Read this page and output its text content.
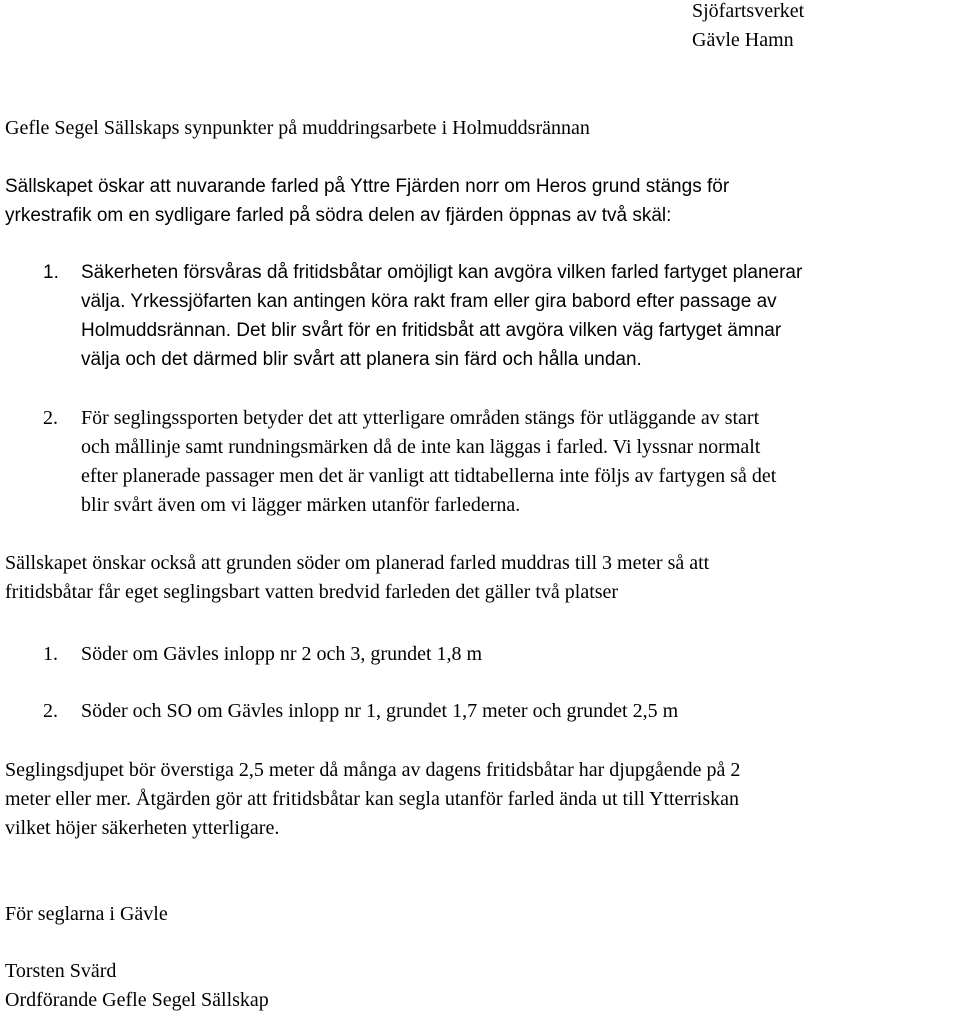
Sjöfartsverket
Gävle Hamn
Gefle Segel Sällskaps synpunkter på muddringsarbete i Holmuddsrännan
Sällskapet öskar att nuvarande farled på Yttre Fjärden norr om Heros grund stängs för
yrkestrafik om en sydligare farled på södra delen av fjärden öppnas av två skäl:
1. Säkerheten försvåras då fritidsbåtar omöjligt kan avgöra vilken farled fartyget planerar
välja. Yrkessjöfarten kan antingen köra rakt fram eller gira babord efter passage av
Holmuddsrännan. Det blir svårt för en fritidsbåt att avgöra vilken väg fartyget ämnar
välja och det därmed blir svårt att planera sin färd och hålla undan.
2. För seglingssporten betyder det att ytterligare områden stängs för utläggande av start
och mållinje samt rundningsmärken då de inte kan läggas i farled. Vi lyssnar normalt
efter planerade passager men det är vanligt att tidtabellerna inte följs av fartygen så det
blir svårt även om vi lägger märken utanför farlederna.
Sällskapet önskar också att grunden söder om planerad farled muddras till 3 meter så att
fritidsbåtar får eget seglingsbart vatten bredvid farleden det gäller två platser
1. Söder om Gävles inlopp nr 2 och 3, grundet 1,8 m
2. Söder och SO om Gävles inlopp nr 1, grundet 1,7 meter och grundet 2,5 m
Seglingsdjupet bör överstiga 2,5 meter då många av dagens fritidsbåtar har djupgående på 2
meter eller mer. Åtgärden gör att fritidsbåtar kan segla utanför farled ända ut till Ytterriskan
vilket höjer säkerheten ytterligare.
För seglarna i Gävle
Torsten Svärd
Ordförande Gefle Segel Sällskap
